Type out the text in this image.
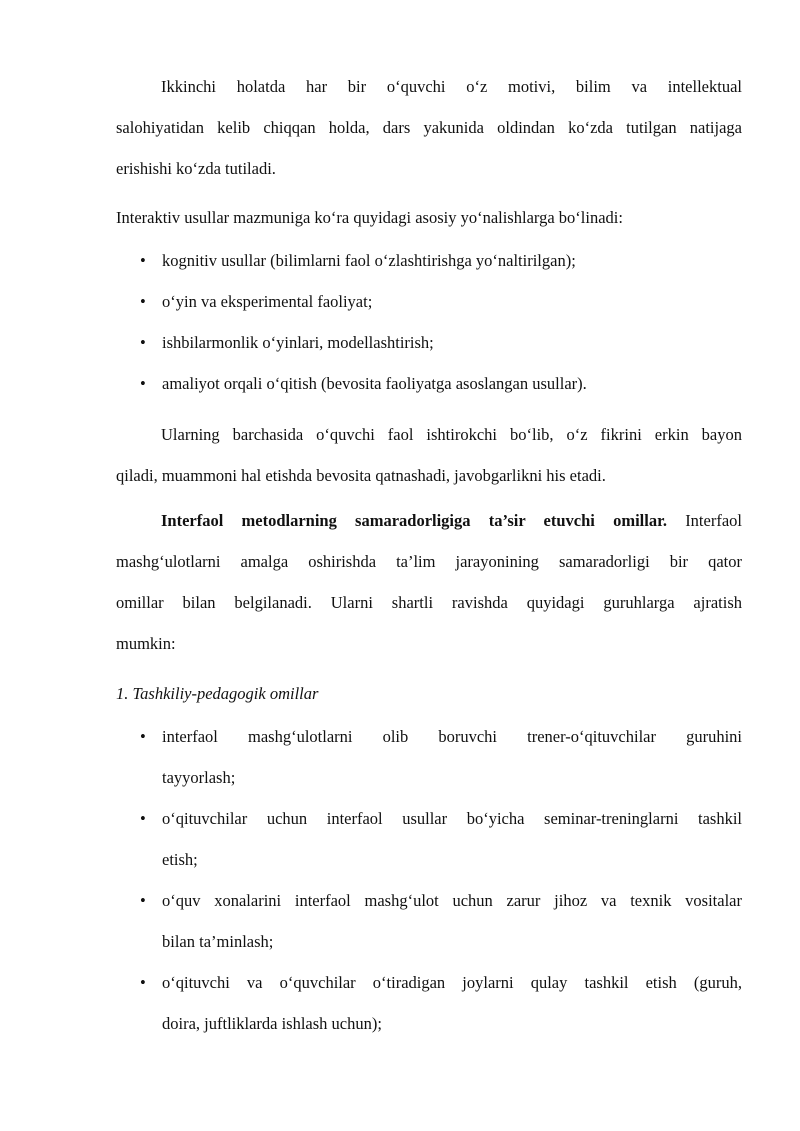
Ikkinchi holatda har bir o‘quvchi o‘z motivi, bilim va intellektual
salohiyatidan kelib chiqqan holda, dars yakunida oldindan ko‘zda tutilgan natijaga
erishishi ko‘zda tutiladi.
Interaktiv usullar mazmuniga ko‘ra quyidagi asosiy yo‘nalishlarga bo‘linadi:
• kognitiv usullar (bilimlarni faol o‘zlashtirishga yo‘naltirilgan);
• o‘yin va eksperimental faoliyat;
• ishbilarmonlik o‘yinlari, modellashtirish;
• amaliyot orqali o‘qitish (bevosita faoliyatga asoslangan usullar).
Ularning barchasida o‘quvchi faol ishtirokchi bo‘lib, o‘z fikrini erkin bayon
qiladi, muammoni hal etishda bevosita qatnashadi, javobgarlikni his etadi.
Interfaol metodlarning samaradorligiga ta’sir etuvchi omillar. Interfaol
mashg‘ulotlarni amalga oshirishda ta’lim jarayonining samaradorligi bir qator
omillar bilan belgilanadi. Ularni shartli ravishda quyidagi guruhlarga ajratish
mumkin:
1. Tashkiliy-pedagogik omillar
• interfaol mashg‘ulotlarni olib boruvchi trener-o‘qituvchilar guruhini
tayyorlash;
• o‘qituvchilar uchun interfaol usullar bo‘yicha seminar-treninglarni tashkil
etish;
• o‘quv xonalarini interfaol mashg‘ulot uchun zarur jihoz va texnik vositalar
bilan ta’minlash;
• o‘qituvchi va o‘quvchilar o‘tiradigan joylarni qulay tashkil etish (guruh,
doira, juftliklarda ishlash uchun);
